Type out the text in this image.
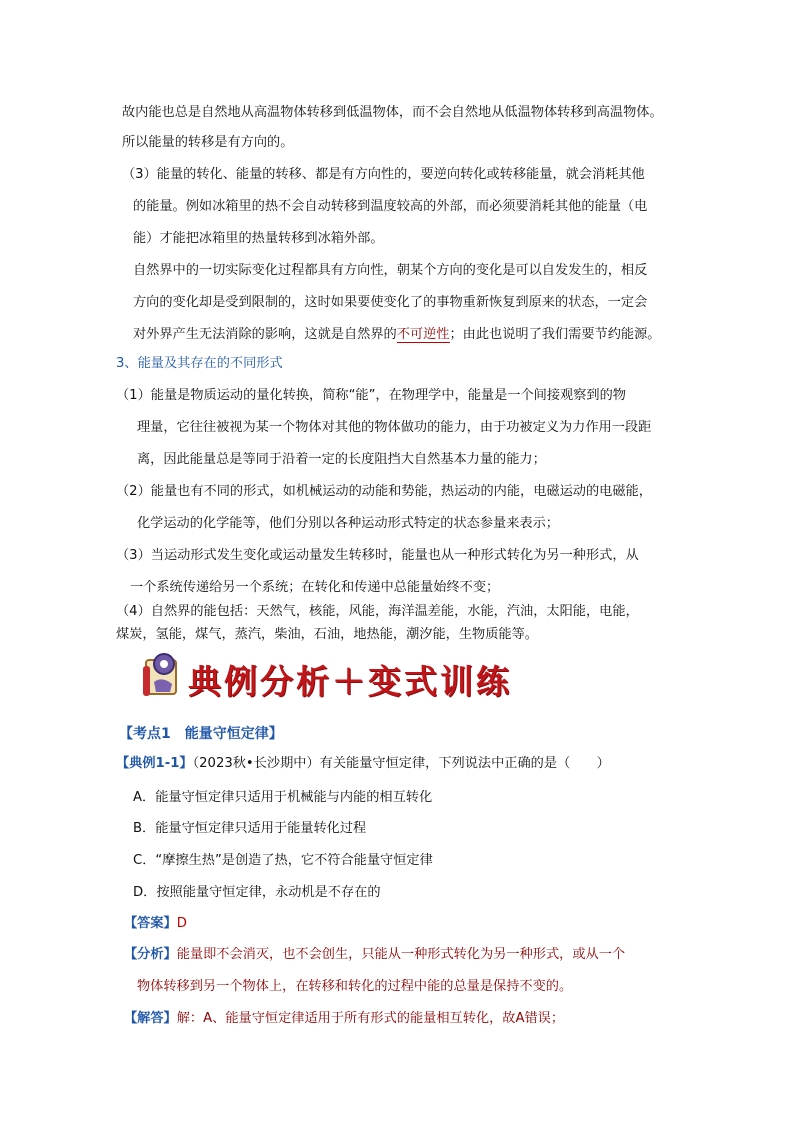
故内能也总是自然地从高温物体转移到低温物体，而不会自然地从低温物体转移到高温物体。
所以能量的转移是有方向的。
（3）能量的转化、能量的转移、都是有方向性的，要逆向转化或转移能量，就会消耗其他
的能量。例如冰箱里的热不会自动转移到温度较高的外部，而必须要消耗其他的能量（电
能）才能把冰箱里的热量转移到冰箱外部。
自然界中的一切实际变化过程都具有方向性，朝某个方向的变化是可以自发发生的，相反
方向的变化却是受到限制的，这时如果要使变化了的事物重新恢复到原来的状态，一定会
对外界产生无法消除的影响，这就是自然界的不可逆性；由此也说明了我们需要节约能源。
3、能量及其存在的不同形式
（1）能量是物质运动的量化转换，简称“能”，在物理学中，能量是一个间接观察到的物
理量，它往往被视为某一个物体对其他的物体做功的能力，由于功被定义为力作用一段距
离，因此能量总是等同于沿着一定的长度阻挡大自然基本力量的能力；
（2）能量也有不同的形式，如机械运动的动能和势能，热运动的内能，电磁运动的电磁能，
化学运动的化学能等，他们分别以各种运动形式特定的状态参量来表示；
（3）当运动形式发生变化或运动量发生转移时，能量也从一种形式转化为另一种形式，从
一个系统传递给另一个系统；在转化和传递中总能量始终不变；
（4）自然界的能包括：天然气，核能，风能，海洋温差能，水能，汽油，太阳能，电能，
煤炭，氢能，煤气，蒸汽，柴油，石油，地热能，潮汐能，生物质能等。
典例分析＋变式训练
【考点1　能量守恒定律】
【典例1-1】（2023秋•长沙期中）有关能量守恒定律，下列说法中正确的是（　　）
A．能量守恒定律只适用于机械能与内能的相互转化
B．能量守恒定律只适用于能量转化过程
C．“摩擦生热”是创造了热，它不符合能量守恒定律
D．按照能量守恒定律，永动机是不存在的
【答案】D
【分析】能量即不会消灭，也不会创生，只能从一种形式转化为另一种形式，或从一个
物体转移到另一个物体上，在转移和转化的过程中能的总量是保持不变的。
【解答】解：A、能量守恒定律适用于所有形式的能量相互转化，故A错误；
